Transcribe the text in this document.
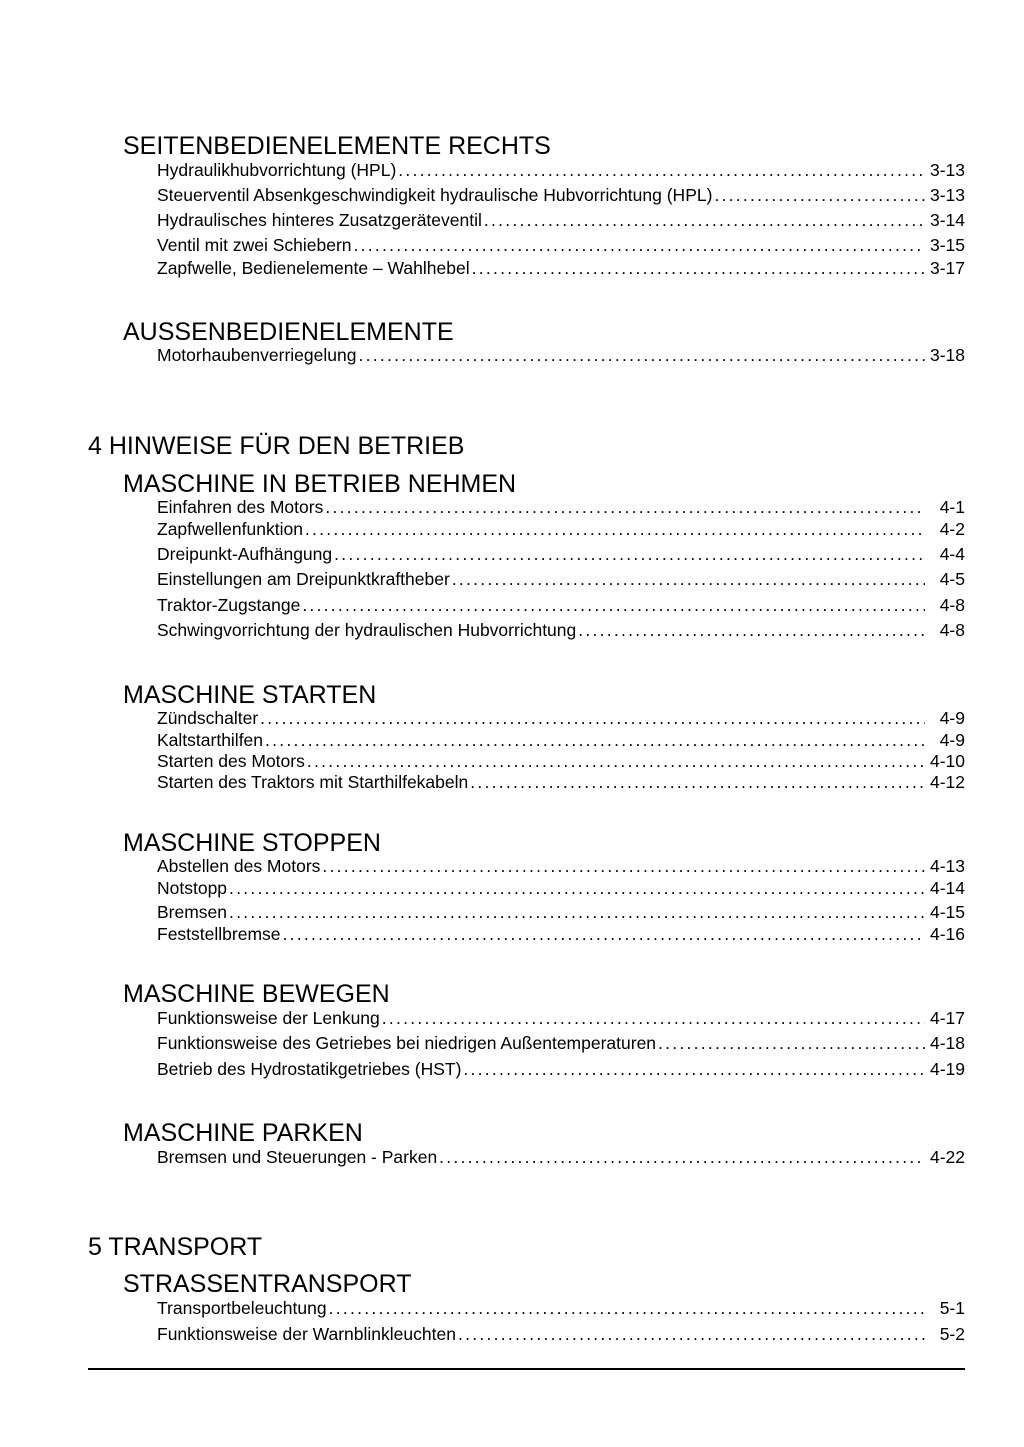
SEITENBEDIENELEMENTE RECHTS
Hydraulikhubvorrichtung (HPL) . . .	3-13
Steuerventil Absenkgeschwindigkeit hydraulische Hubvorrichtung (HPL) . . .	3-13
Hydraulisches hinteres Zusatzgeräteventil . . .	3-14
Ventil mit zwei Schiebern . . .	3-15
Zapfwelle, Bedienelemente – Wahlhebel . . .	3-17
AUSSENBEDIENELEMENTE
Motorhaubenverriegelung . . .	3-18
4 HINWEISE FÜR DEN BETRIEB
MASCHINE IN BETRIEB NEHMEN
Einfahren des Motors . . .	4-1
Zapfwellenfunktion . . .	4-2
Dreipunkt-Aufhängung . . .	4-4
Einstellungen am Dreipunktkraftheber . . .	4-5
Traktor-Zugstange . . .	4-8
Schwingvorrichtung der hydraulischen Hubvorrichtung . . .	4-8
MASCHINE STARTEN
Zündschalter . . .	4-9
Kaltstarthilfen . . .	4-9
Starten des Motors . . .	4-10
Starten des Traktors mit Starthilfekabeln . . .	4-12
MASCHINE STOPPEN
Abstellen des Motors . . .	4-13
Notstopp . . .	4-14
Bremsen . . .	4-15
Feststellbremse . . .	4-16
MASCHINE BEWEGEN
Funktionsweise der Lenkung . . .	4-17
Funktionsweise des Getriebes bei niedrigen Außentemperaturen . . .	4-18
Betrieb des Hydrostatikgetriebes (HST) . . .	4-19
MASCHINE PARKEN
Bremsen und Steuerungen - Parken . . .	4-22
5 TRANSPORT
STRASSENTRANSPORT
Transportbeleuchtung . . .	5-1
Funktionsweise der Warnblinkleuchten . . .	5-2
